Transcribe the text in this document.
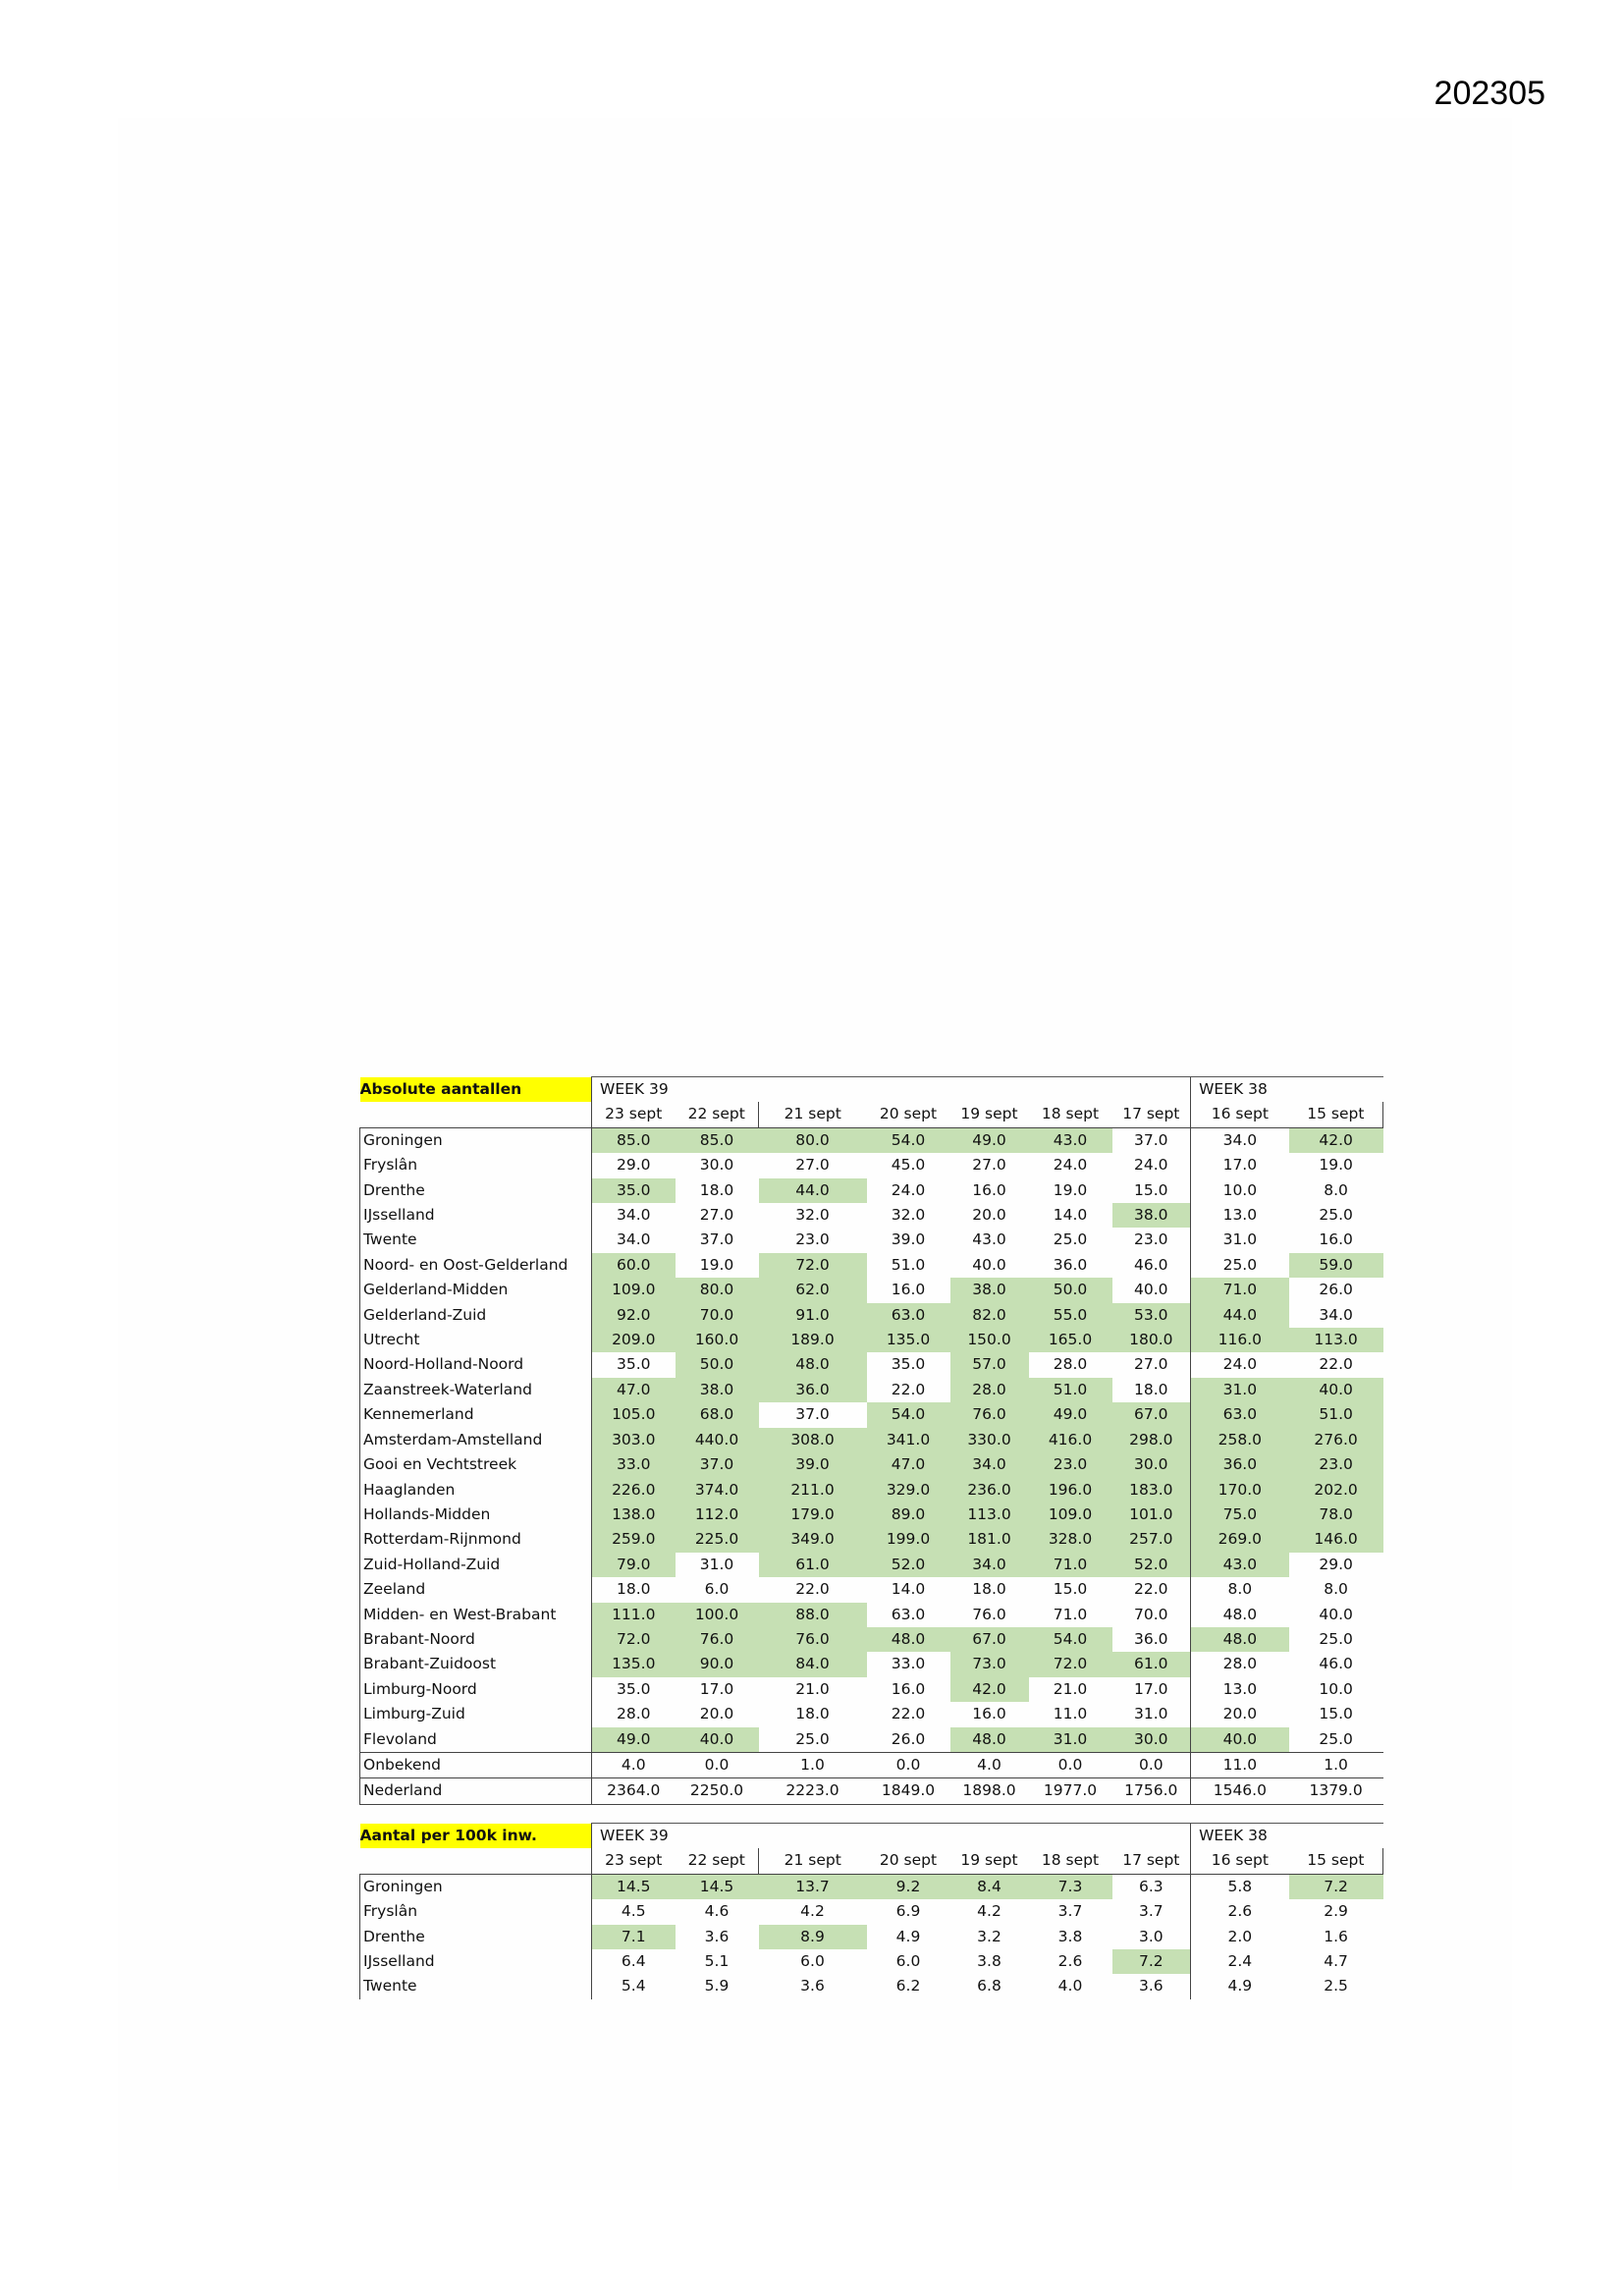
202305
Absolute aantallen	WEEK 39							WEEK 38	
	23 sept	22 sept	21 sept	20 sept	19 sept	18 sept	17 sept	16 sept	15 sept
Groningen	85.0	85.0	80.0	54.0	49.0	43.0	37.0	34.0	42.0
Fryslân	29.0	30.0	27.0	45.0	27.0	24.0	24.0	17.0	19.0
Drenthe	35.0	18.0	44.0	24.0	16.0	19.0	15.0	10.0	8.0
IJsselland	34.0	27.0	32.0	32.0	20.0	14.0	38.0	13.0	25.0
Twente	34.0	37.0	23.0	39.0	43.0	25.0	23.0	31.0	16.0
Noord- en Oost-Gelderland	60.0	19.0	72.0	51.0	40.0	36.0	46.0	25.0	59.0
Gelderland-Midden	109.0	80.0	62.0	16.0	38.0	50.0	40.0	71.0	26.0
Gelderland-Zuid	92.0	70.0	91.0	63.0	82.0	55.0	53.0	44.0	34.0
Utrecht	209.0	160.0	189.0	135.0	150.0	165.0	180.0	116.0	113.0
Noord-Holland-Noord	35.0	50.0	48.0	35.0	57.0	28.0	27.0	24.0	22.0
Zaanstreek-Waterland	47.0	38.0	36.0	22.0	28.0	51.0	18.0	31.0	40.0
Kennemerland	105.0	68.0	37.0	54.0	76.0	49.0	67.0	63.0	51.0
Amsterdam-Amstelland	303.0	440.0	308.0	341.0	330.0	416.0	298.0	258.0	276.0
Gooi en Vechtstreek	33.0	37.0	39.0	47.0	34.0	23.0	30.0	36.0	23.0
Haaglanden	226.0	374.0	211.0	329.0	236.0	196.0	183.0	170.0	202.0
Hollands-Midden	138.0	112.0	179.0	89.0	113.0	109.0	101.0	75.0	78.0
Rotterdam-Rijnmond	259.0	225.0	349.0	199.0	181.0	328.0	257.0	269.0	146.0
Zuid-Holland-Zuid	79.0	31.0	61.0	52.0	34.0	71.0	52.0	43.0	29.0
Zeeland	18.0	6.0	22.0	14.0	18.0	15.0	22.0	8.0	8.0
Midden- en West-Brabant	111.0	100.0	88.0	63.0	76.0	71.0	70.0	48.0	40.0
Brabant-Noord	72.0	76.0	76.0	48.0	67.0	54.0	36.0	48.0	25.0
Brabant-Zuidoost	135.0	90.0	84.0	33.0	73.0	72.0	61.0	28.0	46.0
Limburg-Noord	35.0	17.0	21.0	16.0	42.0	21.0	17.0	13.0	10.0
Limburg-Zuid	28.0	20.0	18.0	22.0	16.0	11.0	31.0	20.0	15.0
Flevoland	49.0	40.0	25.0	26.0	48.0	31.0	30.0	40.0	25.0
Onbekend	4.0	0.0	1.0	0.0	4.0	0.0	0.0	11.0	1.0
Nederland	2364.0	2250.0	2223.0	1849.0	1898.0	1977.0	1756.0	1546.0	1379.0
Aantal per 100k inw.	WEEK 39							WEEK 38	
	23 sept	22 sept	21 sept	20 sept	19 sept	18 sept	17 sept	16 sept	15 sept
Groningen	14.5	14.5	13.7	9.2	8.4	7.3	6.3	5.8	7.2
Fryslân	4.5	4.6	4.2	6.9	4.2	3.7	3.7	2.6	2.9
Drenthe	7.1	3.6	8.9	4.9	3.2	3.8	3.0	2.0	1.6
IJsselland	6.4	5.1	6.0	6.0	3.8	2.6	7.2	2.4	4.7
Twente	5.4	5.9	3.6	6.2	6.8	4.0	3.6	4.9	2.5
